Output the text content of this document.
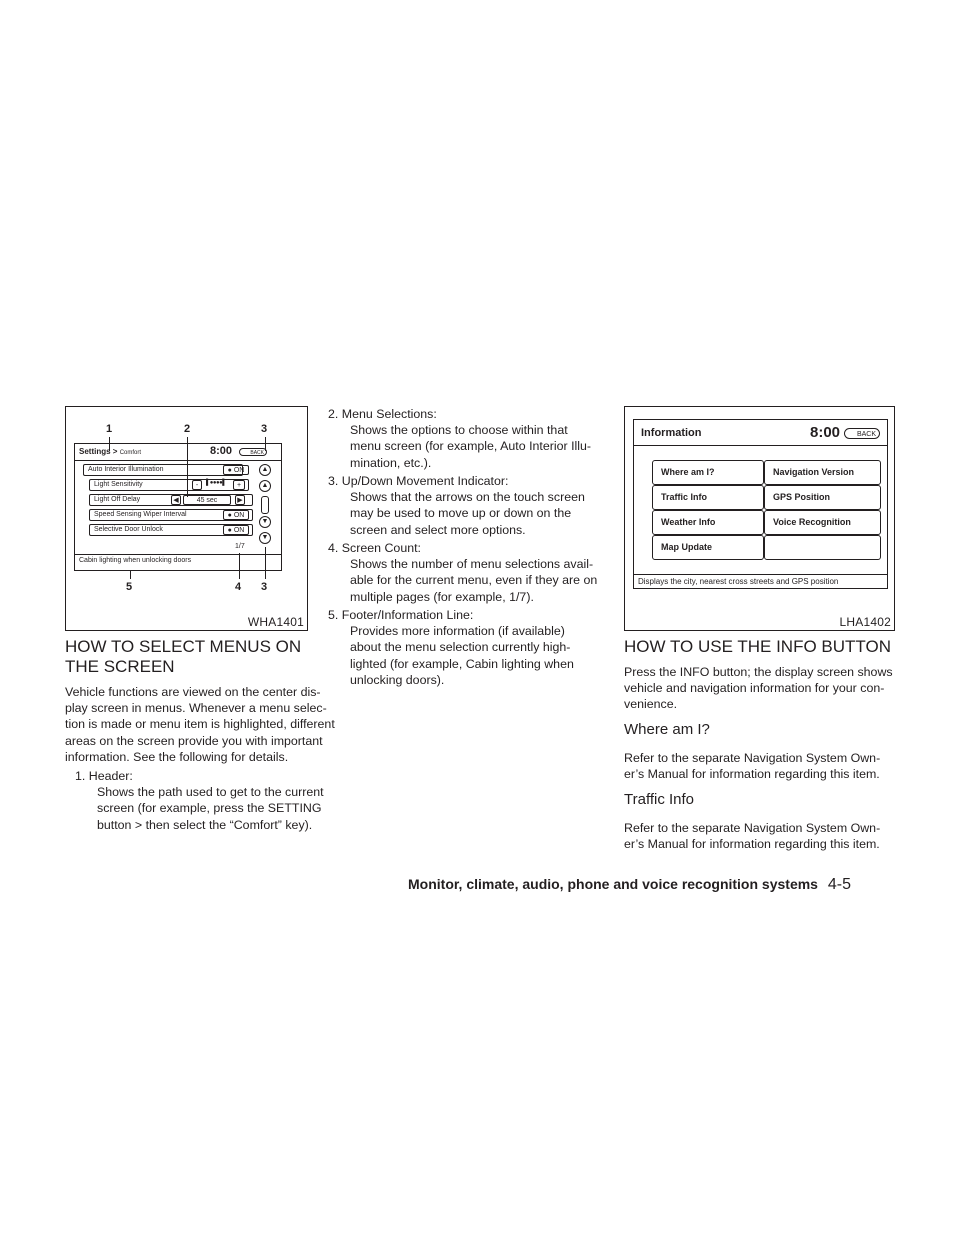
1	2	3
Settings > Comfort	8:00	BACK
Auto Interior Illumination	● ON
Light Sensitivity	-	▌●●●●▌	+
Light Off Delay	◀	45 sec	▶
Speed Sensing Wiper Interval	● ON
Selective Door Unlock	● ON
▲
▲
▼
▼
1/7
Cabin lighting when unlocking doors
5	4 3
WHA1401
Information	8:00	BACK
Where am I?	Navigation Version
Traffic Info	GPS Position
Weather Info	Voice Recognition
Map Update
Displays the city, nearest cross streets and GPS position
LHA1402
HOW TO SELECT MENUS ON THE SCREEN
Vehicle functions are viewed on the center dis-
play screen in menus. Whenever a menu selec-
tion is made or menu item is highlighted, different
areas on the screen provide you with important
information. See the following for details.
1. Header:
Shows the path used to get to the current
screen (for example, press the SETTING
button > then select the “Comfort” key).
2. Menu Selections:
Shows the options to choose within that
menu screen (for example, Auto Interior Illu-
mination, etc.).
3. Up/Down Movement Indicator:
Shows that the arrows on the touch screen
may be used to move up or down on the
screen and select more options.
4. Screen Count:
Shows the number of menu selections avail-
able for the current menu, even if they are on
multiple pages (for example, 1/7).
5. Footer/Information Line:
Provides more information (if available)
about the menu selection currently high-
lighted (for example, Cabin lighting when
unlocking doors).
HOW TO USE THE INFO BUTTON
Press the INFO button; the display screen shows
vehicle and navigation information for your con-
venience.
Where am I?
Refer to the separate Navigation System Own-
er’s Manual for information regarding this item.
Traffic Info
Refer to the separate Navigation System Own-
er’s Manual for information regarding this item.
Monitor, climate, audio, phone and voice recognition systems 4-5
